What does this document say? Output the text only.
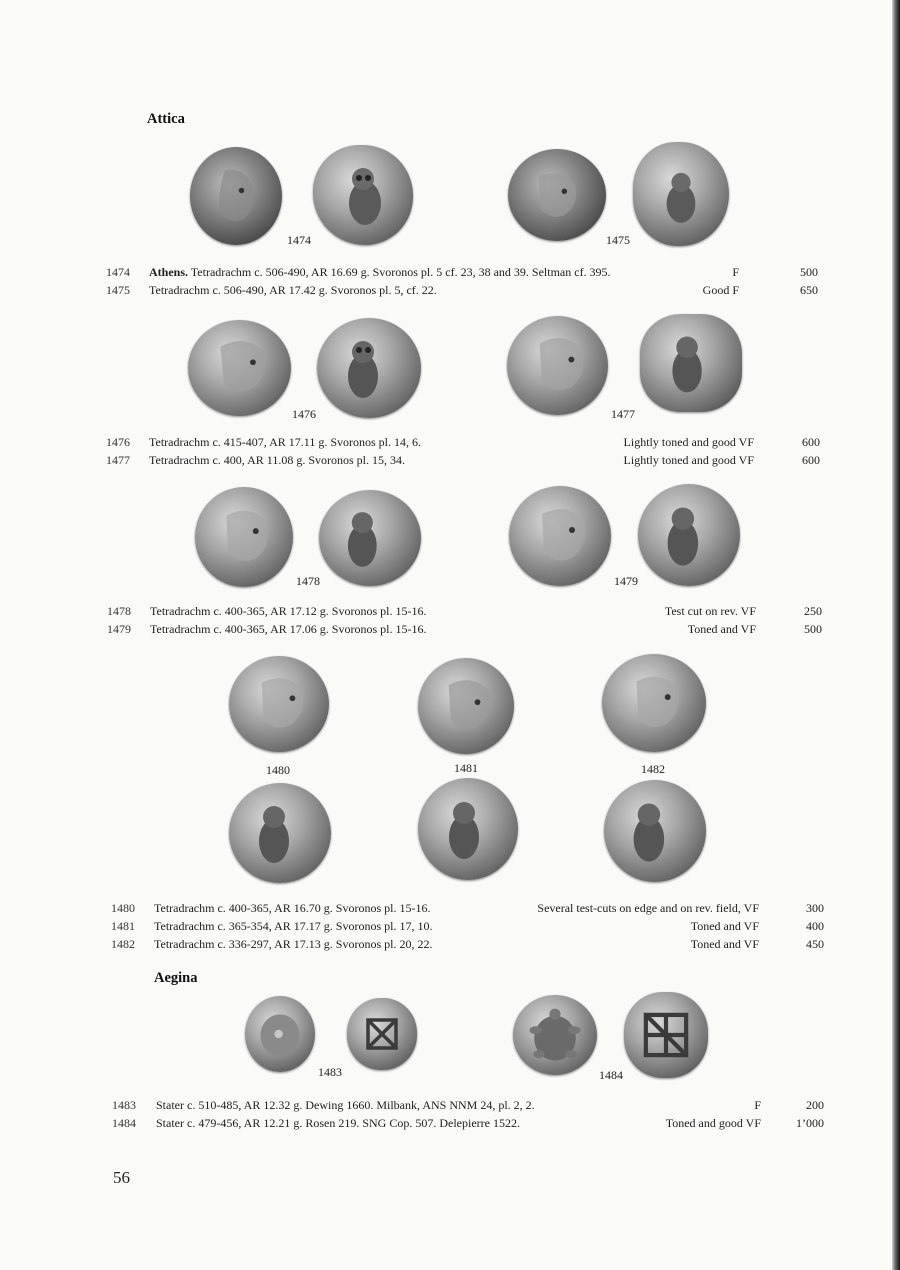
Attica
1474	1475
1474 Athens. Tetradrachm c. 506-490, AR 16.69 g. Svoronos pl. 5 cf. 23, 38 and 39. Seltman cf. 395.	F	500
1475 Tetradrachm c. 506-490, AR 17.42 g. Svoronos pl. 5, cf. 22.	Good F	650
1476	1477
1476 Tetradrachm c. 415-407, AR 17.11 g. Svoronos pl. 14, 6.	Lightly toned and good VF	600
1477 Tetradrachm c. 400, AR 11.08 g. Svoronos pl. 15, 34.	Lightly toned and good VF	600
1478	1479
1478 Tetradrachm c. 400-365, AR 17.12 g. Svoronos pl. 15-16.	Test cut on rev. VF	250
1479 Tetradrachm c. 400-365, AR 17.06 g. Svoronos pl. 15-16.	Toned and VF	500
1480	1481	1482
1480 Tetradrachm c. 400-365, AR 16.70 g. Svoronos pl. 15-16.	Several test-cuts on edge and on rev. field, VF	300
1481 Tetradrachm c. 365-354, AR 17.17 g. Svoronos pl. 17, 10.	Toned and VF	400
1482 Tetradrachm c. 336-297, AR 17.13 g. Svoronos pl. 20, 22.	Toned and VF	450
Aegina
1483	1484
1483 Stater c. 510-485, AR 12.32 g. Dewing 1660. Milbank, ANS NNM 24, pl. 2, 2.	F	200
1484 Stater c. 479-456, AR 12.21 g. Rosen 219. SNG Cop. 507. Delepierre 1522.	Toned and good VF	1’000
56
